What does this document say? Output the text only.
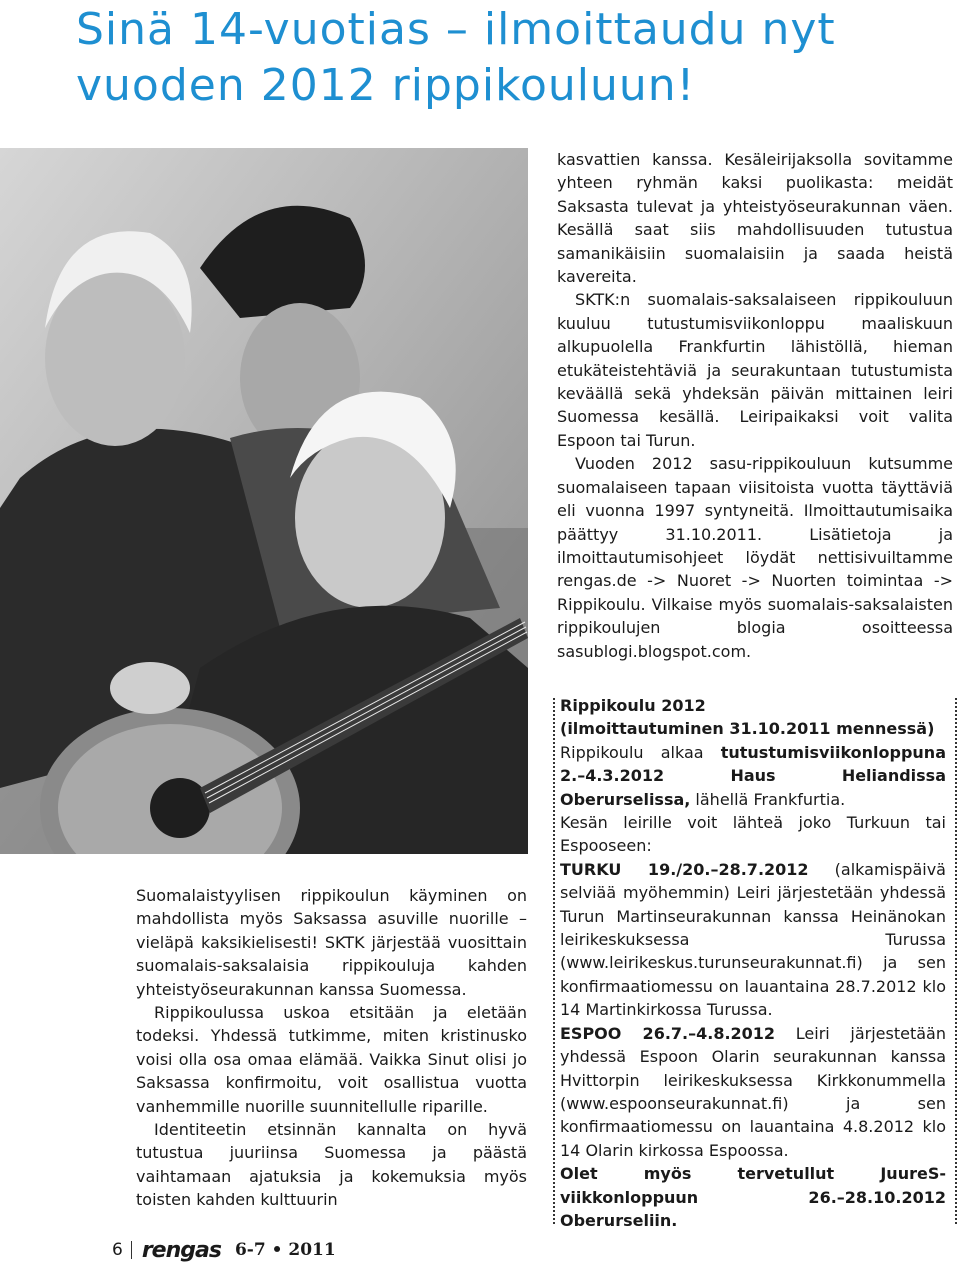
Sinä 14-vuotias – ilmoittaudu nyt
vuoden 2012 rippikouluun!

kasvattien kanssa. Kesäleirijaksolla sovitamme yhteen ryhmän kaksi puolikasta: meidät Saksasta tulevat ja yhteistyöseurakunnan väen. Kesällä saat siis mahdollisuuden tutustua samanikäisiin suomalaisiin ja saada heistä kavereita.

SKTK:n suomalais-saksalaiseen rippikouluun kuuluu tutustumisviikonloppu maaliskuun alkupuolella Frankfurtin lähistöllä, hieman etukäteistehtäviä ja seurakuntaan tutustumista keväällä sekä yhdeksän päivän mittainen leiri Suomessa kesällä. Leiripaikaksi voit valita Espoon tai Turun.

Vuoden 2012 sasu-rippikouluun kutsumme suomalaiseen tapaan viisitoista vuotta täyttäviä eli vuonna 1997 syntyneitä. Ilmoittautumisaika päättyy 31.10.2011. Lisätietoja ja ilmoittautumisohjeet löydät nettisivuiltamme rengas.de -> Nuoret -> Nuorten toimintaa -> Rippikoulu. Vilkaise myös suomalais-saksalaisten rippikoulujen blogia osoitteessa sasublogi.blogspot.com.

Suomalaistyylisen rippikoulun käyminen on mahdollista myös Saksassa asuville nuorille – vieläpä kaksikielisesti! SKTK järjestää vuosittain suomalais-saksalaisia rippikouluja kahden yhteistyöseurakunnan kanssa Suomessa.

Rippikoulussa uskoa etsitään ja eletään todeksi. Yhdessä tutkimme, miten kristinusko voisi olla osa omaa elämää. Vaikka Sinut olisi jo Saksassa konfirmoitu, voit osallistua vuotta vanhemmille nuorille suunnitellulle riparille.

Identiteetin etsinnän kannalta on hyvä tutustua juuriinsa Suomessa ja päästä vaihtamaan ajatuksia ja kokemuksia myös toisten kahden kulttuurin

Rippikoulu 2012

(ilmoittautuminen 31.10.2011 mennessä)

Rippikoulu alkaa tutustumisviikonloppuna 2.–4.3.2012 Haus Heliandissa Oberurselissa, lähellä Frankfurtia.

Kesän leirille voit lähteä joko Turkuun tai Espooseen:

TURKU 19./20.–28.7.2012 (alkamispäivä selviää myöhemmin) Leiri järjestetään yhdessä Turun Martinseurakunnan kanssa Heinänokan leirikeskuksessa Turussa (www.leirikeskus.turunseurakunnat.fi) ja sen konfirmaatiomessu on lauantaina 28.7.2012 klo 14 Martinkirkossa Turussa.

ESPOO 26.7.–4.8.2012 Leiri järjestetään yhdessä Espoon Olarin seurakunnan kanssa Hvittorpin leirikeskuksessa Kirkkonummella (www.espoonseurakunnat.fi) ja sen konfirmaatiomessu on lauantaina 4.8.2012 klo 14 Olarin kirkossa Espoossa.

Olet myös tervetullut JuureS-viikkonloppuun 26.–28.10.2012 Oberurseliin.

6 rengas 6-7 • 2011
